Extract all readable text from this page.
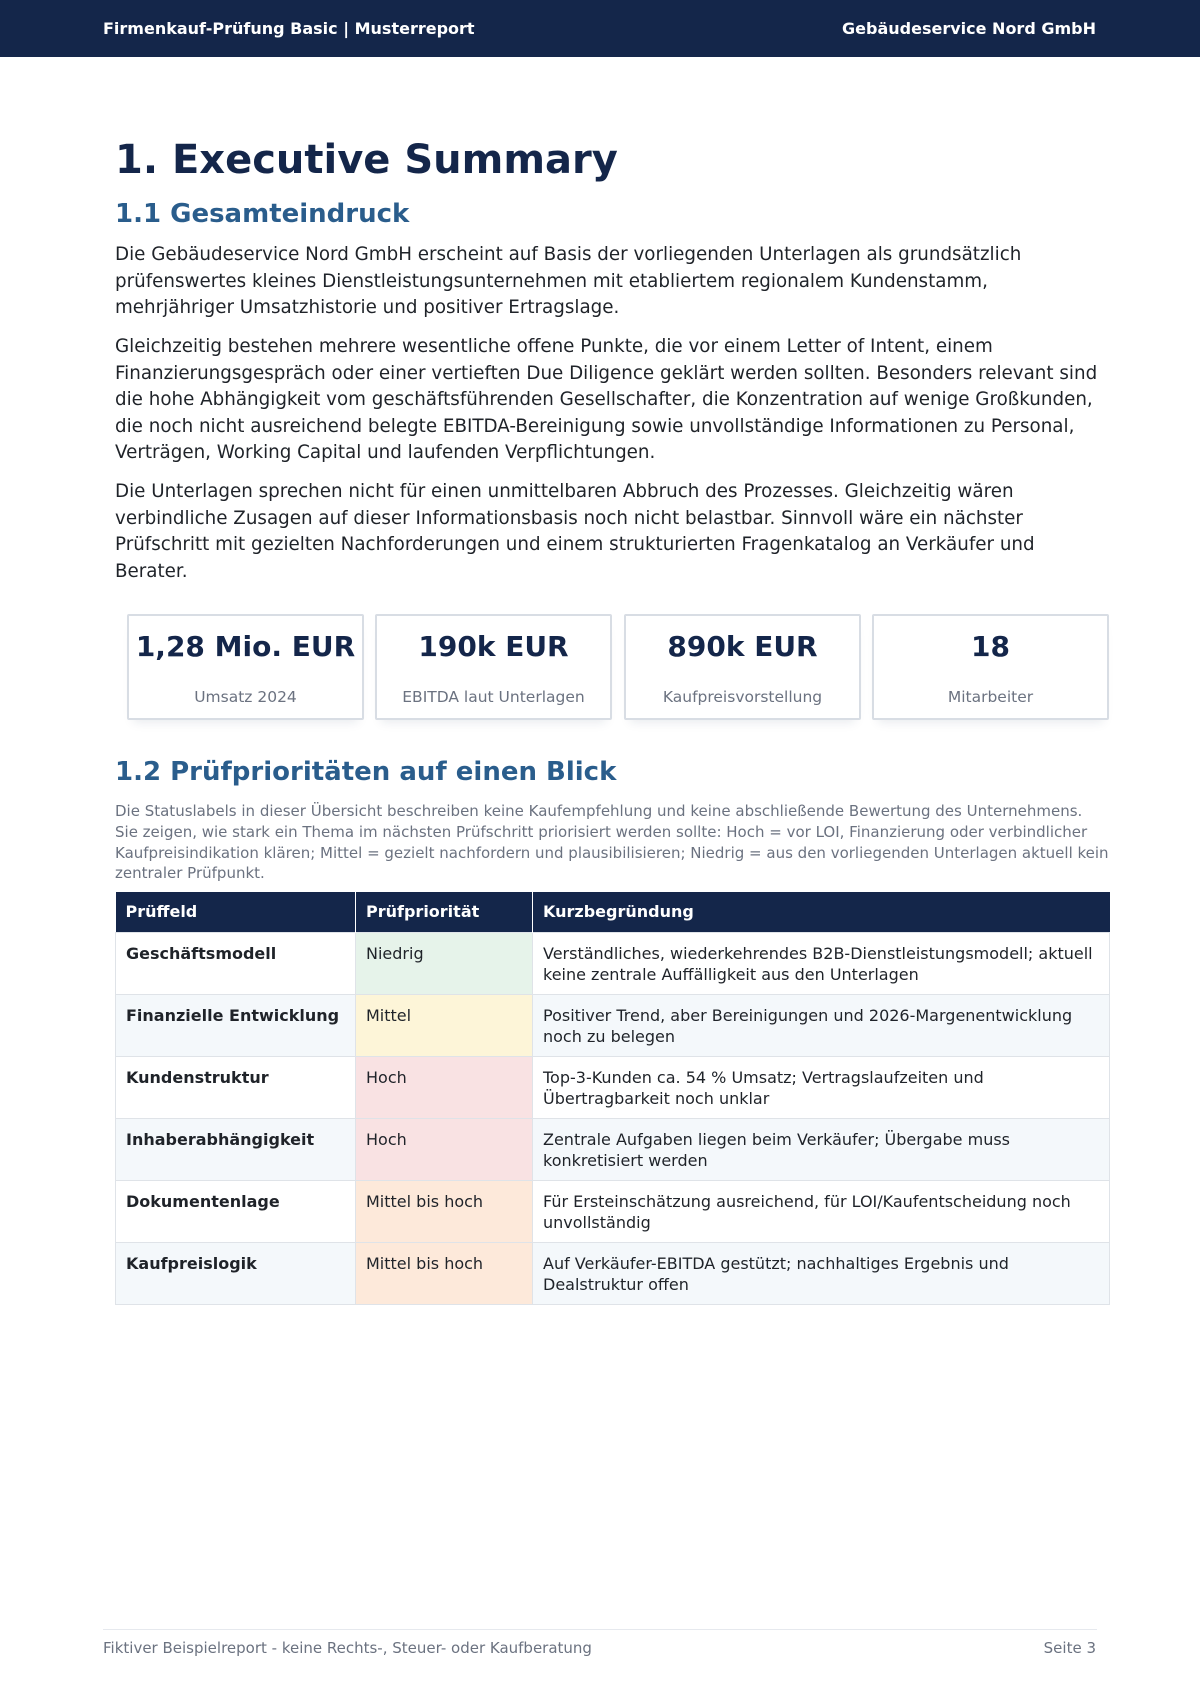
Firmenkauf-Prüfung Basic | Musterreport	Gebäudeservice Nord GmbH
1. Executive Summary
1.1 Gesamteindruck

Die Gebäudeservice Nord GmbH erscheint auf Basis der vorliegenden Unterlagen als grundsätzlich prüfenswertes kleines Dienstleistungsunternehmen mit etabliertem regionalem Kundenstamm, mehrjähriger Umsatzhistorie und positiver Ertragslage.

Gleichzeitig bestehen mehrere wesentliche offene Punkte, die vor einem Letter of Intent, einem Finanzierungsgespräch oder einer vertieften Due Diligence geklärt werden sollten. Besonders relevant sind die hohe Abhängigkeit vom geschäftsführenden Gesellschafter, die Konzentration auf wenige Großkunden, die noch nicht ausreichend belegte EBITDA-Bereinigung sowie unvollständige Informationen zu Personal, Verträgen, Working Capital und laufenden Verpflichtungen.

Die Unterlagen sprechen nicht für einen unmittelbaren Abbruch des Prozesses. Gleichzeitig wären verbindliche Zusagen auf dieser Informationsbasis noch nicht belastbar. Sinnvoll wäre ein nächster Prüfschritt mit gezielten Nachforderungen und einem strukturierten Fragenkatalog an Verkäufer und Berater.

1,28 Mio. EUR
Umsatz 2024
190k EUR
EBITDA laut Unterlagen
890k EUR
Kaufpreisvorstellung
18
Mitarbeiter
1.2 Prüfprioritäten auf einen Blick

Die Statuslabels in dieser Übersicht beschreiben keine Kaufempfehlung und keine abschließende Bewertung des Unternehmens. Sie zeigen, wie stark ein Thema im nächsten Prüfschritt priorisiert werden sollte: Hoch = vor LOI, Finanzierung oder verbindlicher Kaufpreisindikation klären; Mittel = gezielt nachfordern und plausibilisieren; Niedrig = aus den vorliegenden Unterlagen aktuell kein zentraler Prüfpunkt.

Prüffeld	Prüfpriorität	Kurzbegründung
Geschäftsmodell	Niedrig	Verständliches, wiederkehrendes B2B-Dienstleistungsmodell; aktuell keine zentrale Auffälligkeit aus den Unterlagen
Finanzielle Entwicklung	Mittel	Positiver Trend, aber Bereinigungen und 2026-Margenentwicklung noch zu belegen
Kundenstruktur	Hoch	Top-3-Kunden ca. 54 % Umsatz; Vertragslaufzeiten und Übertragbarkeit noch unklar
Inhaberabhängigkeit	Hoch	Zentrale Aufgaben liegen beim Verkäufer; Übergabe muss konkretisiert werden
Dokumentenlage	Mittel bis hoch	Für Ersteinschätzung ausreichend, für LOI/Kaufentscheidung noch unvollständig
Kaufpreislogik	Mittel bis hoch	Auf Verkäufer-EBITDA gestützt; nachhaltiges Ergebnis und Dealstruktur offen
Fiktiver Beispielreport - keine Rechts-, Steuer- oder Kaufberatung	Seite 3
